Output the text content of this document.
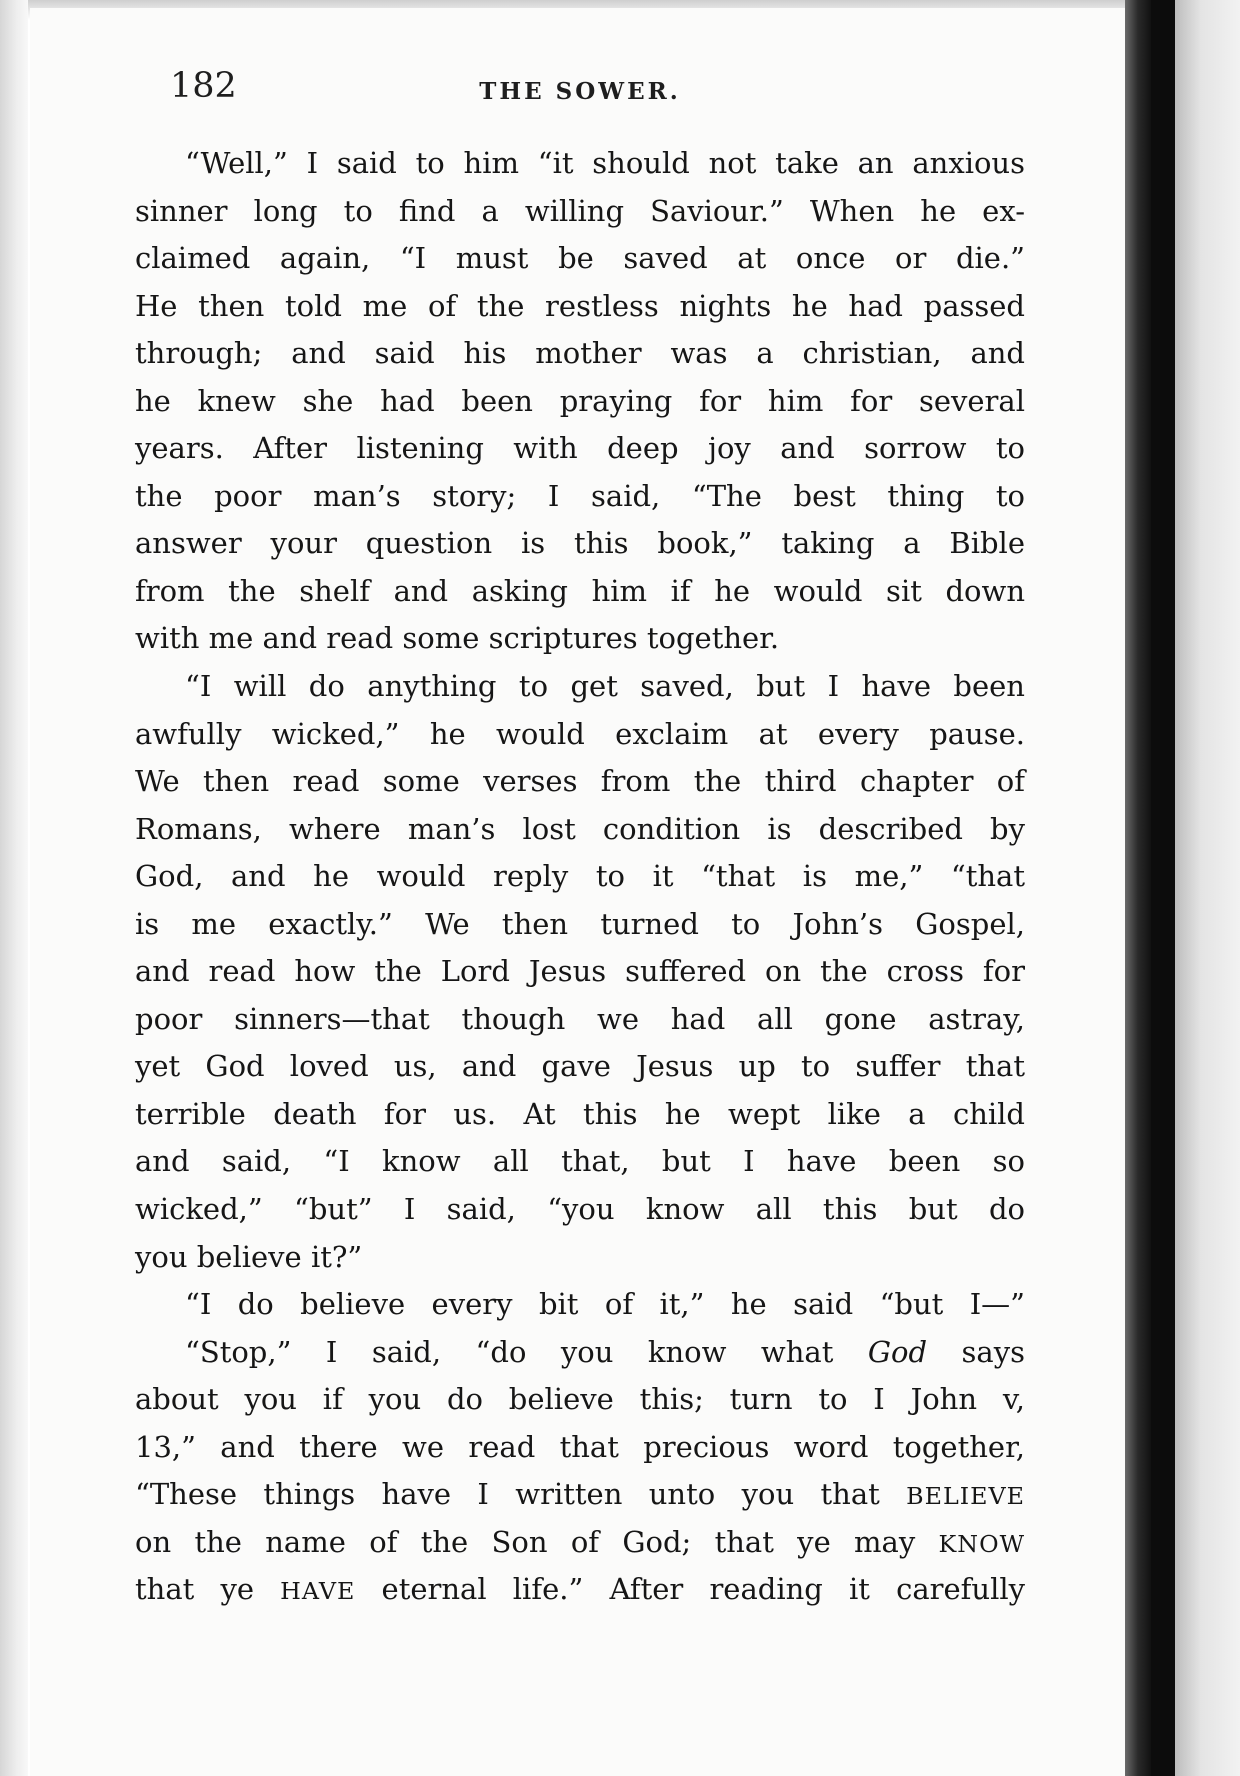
182	THE SOWER.
“Well,” I said to him “it should not take an anxious
sinner long to find a willing Saviour.” When he ex-
claimed again, “I must be saved at once or die.”
He then told me of the restless nights he had passed
through; and said his mother was a christian, and
he knew she had been praying for him for several
years. After listening with deep joy and sorrow to
the poor man’s story; I said, “The best thing to
answer your question is this book,” taking a Bible
from the shelf and asking him if he would sit down
with me and read some scriptures together.
“I will do anything to get saved, but I have been
awfully wicked,” he would exclaim at every pause.
We then read some verses from the third chapter of
Romans, where man’s lost condition is described by
God, and he would reply to it “that is me,” “that
is me exactly.” We then turned to John’s Gospel,
and read how the Lord Jesus suffered on the cross for
poor sinners—that though we had all gone astray,
yet God loved us, and gave Jesus up to suffer that
terrible death for us. At this he wept like a child
and said, “I know all that, but I have been so
wicked,” “but” I said, “you know all this but do
you believe it?”
“I do believe every bit of it,” he said “but I—”
“Stop,” I said, “do you know what God says
about you if you do believe this; turn to I John v,
13,” and there we read that precious word together,
“These things have I written unto you that BELIEVE
on the name of the Son of God; that ye may KNOW
that ye HAVE eternal life.” After reading it carefully
